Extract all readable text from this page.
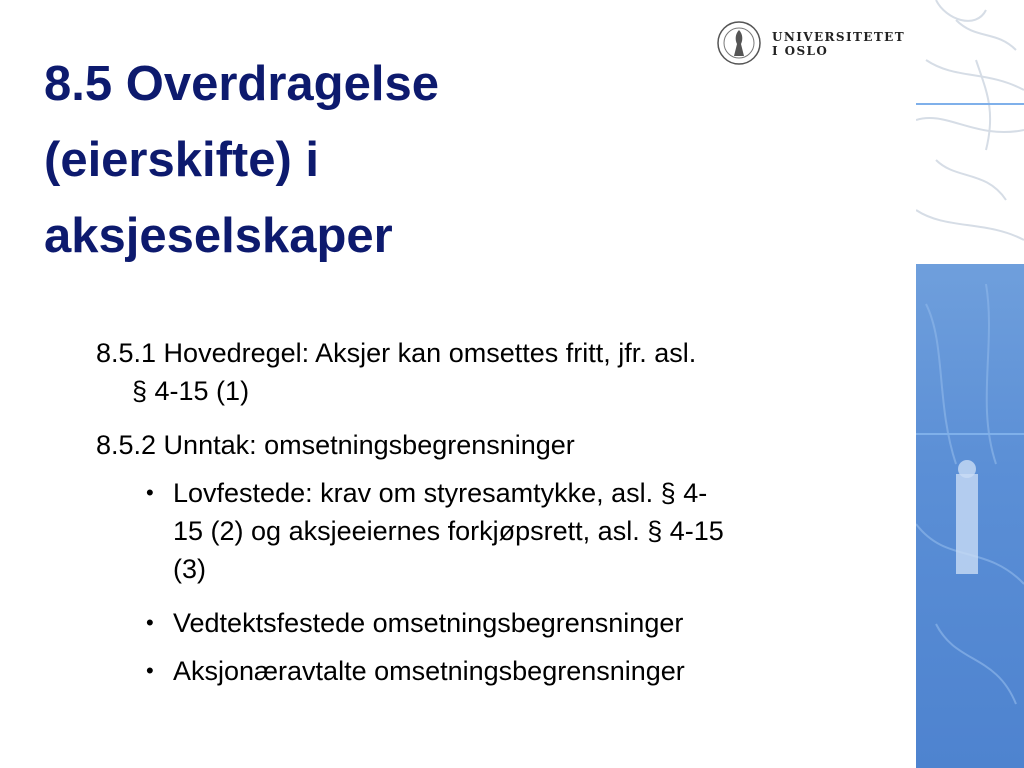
UNIVERSITETET
I OSLO
8.5 Overdragelse
(eierskifte) i
aksjeselskaper

8.5.1 Hovedregel: Aksjer kan omsettes fritt, jfr. asl.
§ 4-15 (1)

8.5.2 Unntak: omsetningsbegrensninger

• Lovfestede: krav om styresamtykke, asl. § 4-
15 (2) og aksjeeiernes forkjøpsrett, asl. § 4-15
(3)
• Vedtektsfestede omsetningsbegrensninger
• Aksjonæravtalte omsetningsbegrensninger
